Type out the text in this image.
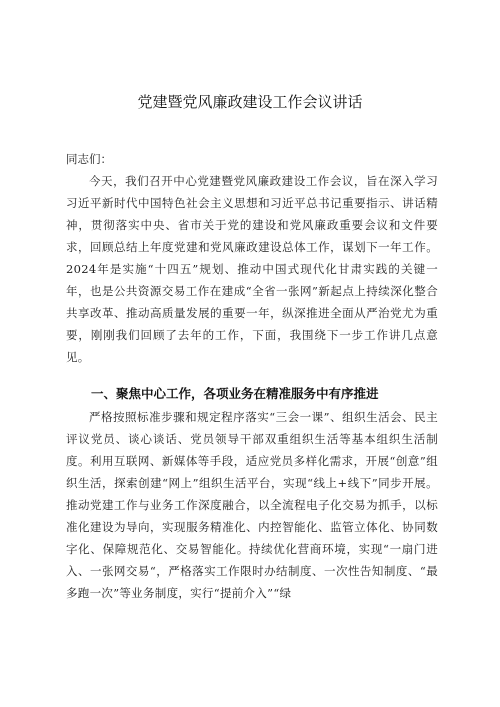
党建暨党风廉政建设工作会议讲话

同志们：

今天，我们召开中心党建暨党风廉政建设工作会议，旨在深入学习习近平新时代中国特色社会主义思想和习近平总书记重要指示、讲话精神，贯彻落实中央、省市关于党的建设和党风廉政重要会议和文件要求，回顾总结上年度党建和党风廉政建设总体工作，谋划下一年工作。2024年是实施“十四五”规划、推动中国式现代化甘肃实践的关键一年，也是公共资源交易工作在建成“全省一张网”新起点上持续深化整合共享改革、推动高质量发展的重要一年，纵深推进全面从严治党尤为重要，刚刚我们回顾了去年的工作，下面，我围绕下一步工作讲几点意见。

一、聚焦中心工作，各项业务在精准服务中有序推进

严格按照标准步骤和规定程序落实“三会一课”、组织生活会、民主评议党员、谈心谈话、党员领导干部双重组织生活等基本组织生活制度。利用互联网、新媒体等手段，适应党员多样化需求，开展“创意”组织生活，探索创建“网上”组织生活平台，实现“线上+线下”同步开展。推动党建工作与业务工作深度融合，以全流程电子化交易为抓手，以标准化建设为导向，实现服务精准化、内控智能化、监管立体化、协同数字化、保障规范化、交易智能化。持续优化营商环境，实现“一扇门进入、一张网交易“，严格落实工作限时办结制度、一次性告知制度、“最多跑一次”等业务制度，实行“提前介入”“绿
